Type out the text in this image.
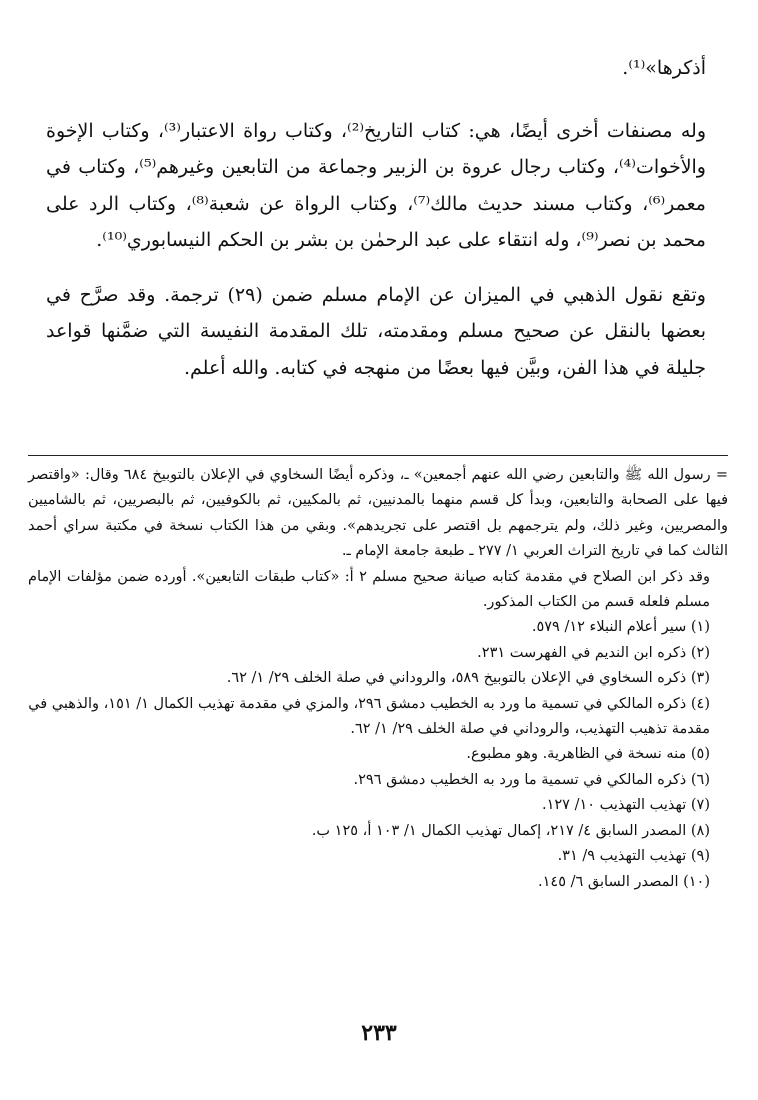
أذكرها»⁽¹⁾.

وله مصنفات أخرى أيضًا، هي: كتاب التاريخ⁽²⁾، وكتاب رواة الاعتبار⁽³⁾، وكتاب الإخوة والأخوات⁽⁴⁾، وكتاب رجال عروة بن الزبير وجماعة من التابعين وغيرهم⁽⁵⁾، وكتاب في معمر⁽⁶⁾، وكتاب مسند حديث مالك⁽⁷⁾، وكتاب الرواة عن شعبة⁽⁸⁾، وكتاب الرد على محمد بن نصر⁽⁹⁾، وله انتقاء على عبد الرحمٰن بن بشر بن الحكم النيسابوري⁽¹⁰⁾.

وتقع نقول الذهبي في الميزان عن الإمام مسلم ضمن (٢٩) ترجمة. وقد صرَّح في بعضها بالنقل عن صحيح مسلم ومقدمته، تلك المقدمة النفيسة التي ضمَّنها قواعد جليلة في هذا الفن، وبيَّن فيها بعضًا من منهجه في كتابه. والله أعلم.

= رسول الله ﷺ والتابعين رضي الله عنهم أجمعين» ـ، وذكره أيضًا السخاوي في الإعلان بالتوبيخ ٦٨٤ وقال: «واقتصر فيها على الصحابة والتابعين، وبدأ كل قسم منهما بالمدنيين، ثم بالمكيين، ثم بالكوفيين، ثم بالبصريين، ثم بالشاميين والمصريين، وغير ذلك، ولم يترجمهم بل اقتصر على تجريدهم». وبقي من هذا الكتاب نسخة في مكتبة سراي أحمد الثالث كما في تاريخ التراث العربي ١/ ٢٧٧ ـ طبعة جامعة الإمام ـ.

وقد ذكر ابن الصلاح في مقدمة كتابه صيانة صحيح مسلم ٢ أ: «كتاب طبقات التابعين». أورده ضمن مؤلفات الإمام مسلم فلعله قسم من الكتاب المذكور.

(١) سير أعلام النبلاء ١٢/ ٥٧٩.

(٢) ذكره ابن النديم في الفهرست ٢٣١.

(٣) ذكره السخاوي في الإعلان بالتوبيخ ٥٨٩، والروداني في صلة الخلف ٢٩/ ١/ ٦٢.

(٤) ذكره المالكي في تسمية ما ورد به الخطيب دمشق ٢٩٦، والمزي في مقدمة تهذيب الكمال ١/ ١٥١، والذهبي في مقدمة تذهيب التهذيب، والروداني في صلة الخلف ٢٩/ ١/ ٦٢.

(٥) منه نسخة في الظاهرية. وهو مطبوع.

(٦) ذكره المالكي في تسمية ما ورد به الخطيب دمشق ٢٩٦.

(٧) تهذيب التهذيب ١٠/ ١٢٧.

(٨) المصدر السابق ٤/ ٢١٧، إكمال تهذيب الكمال ١/ ١٠٣ أ، ١٢٥ ب.

(٩) تهذيب التهذيب ٩/ ٣١.

(١٠) المصدر السابق ٦/ ١٤٥.

٢٣٣
